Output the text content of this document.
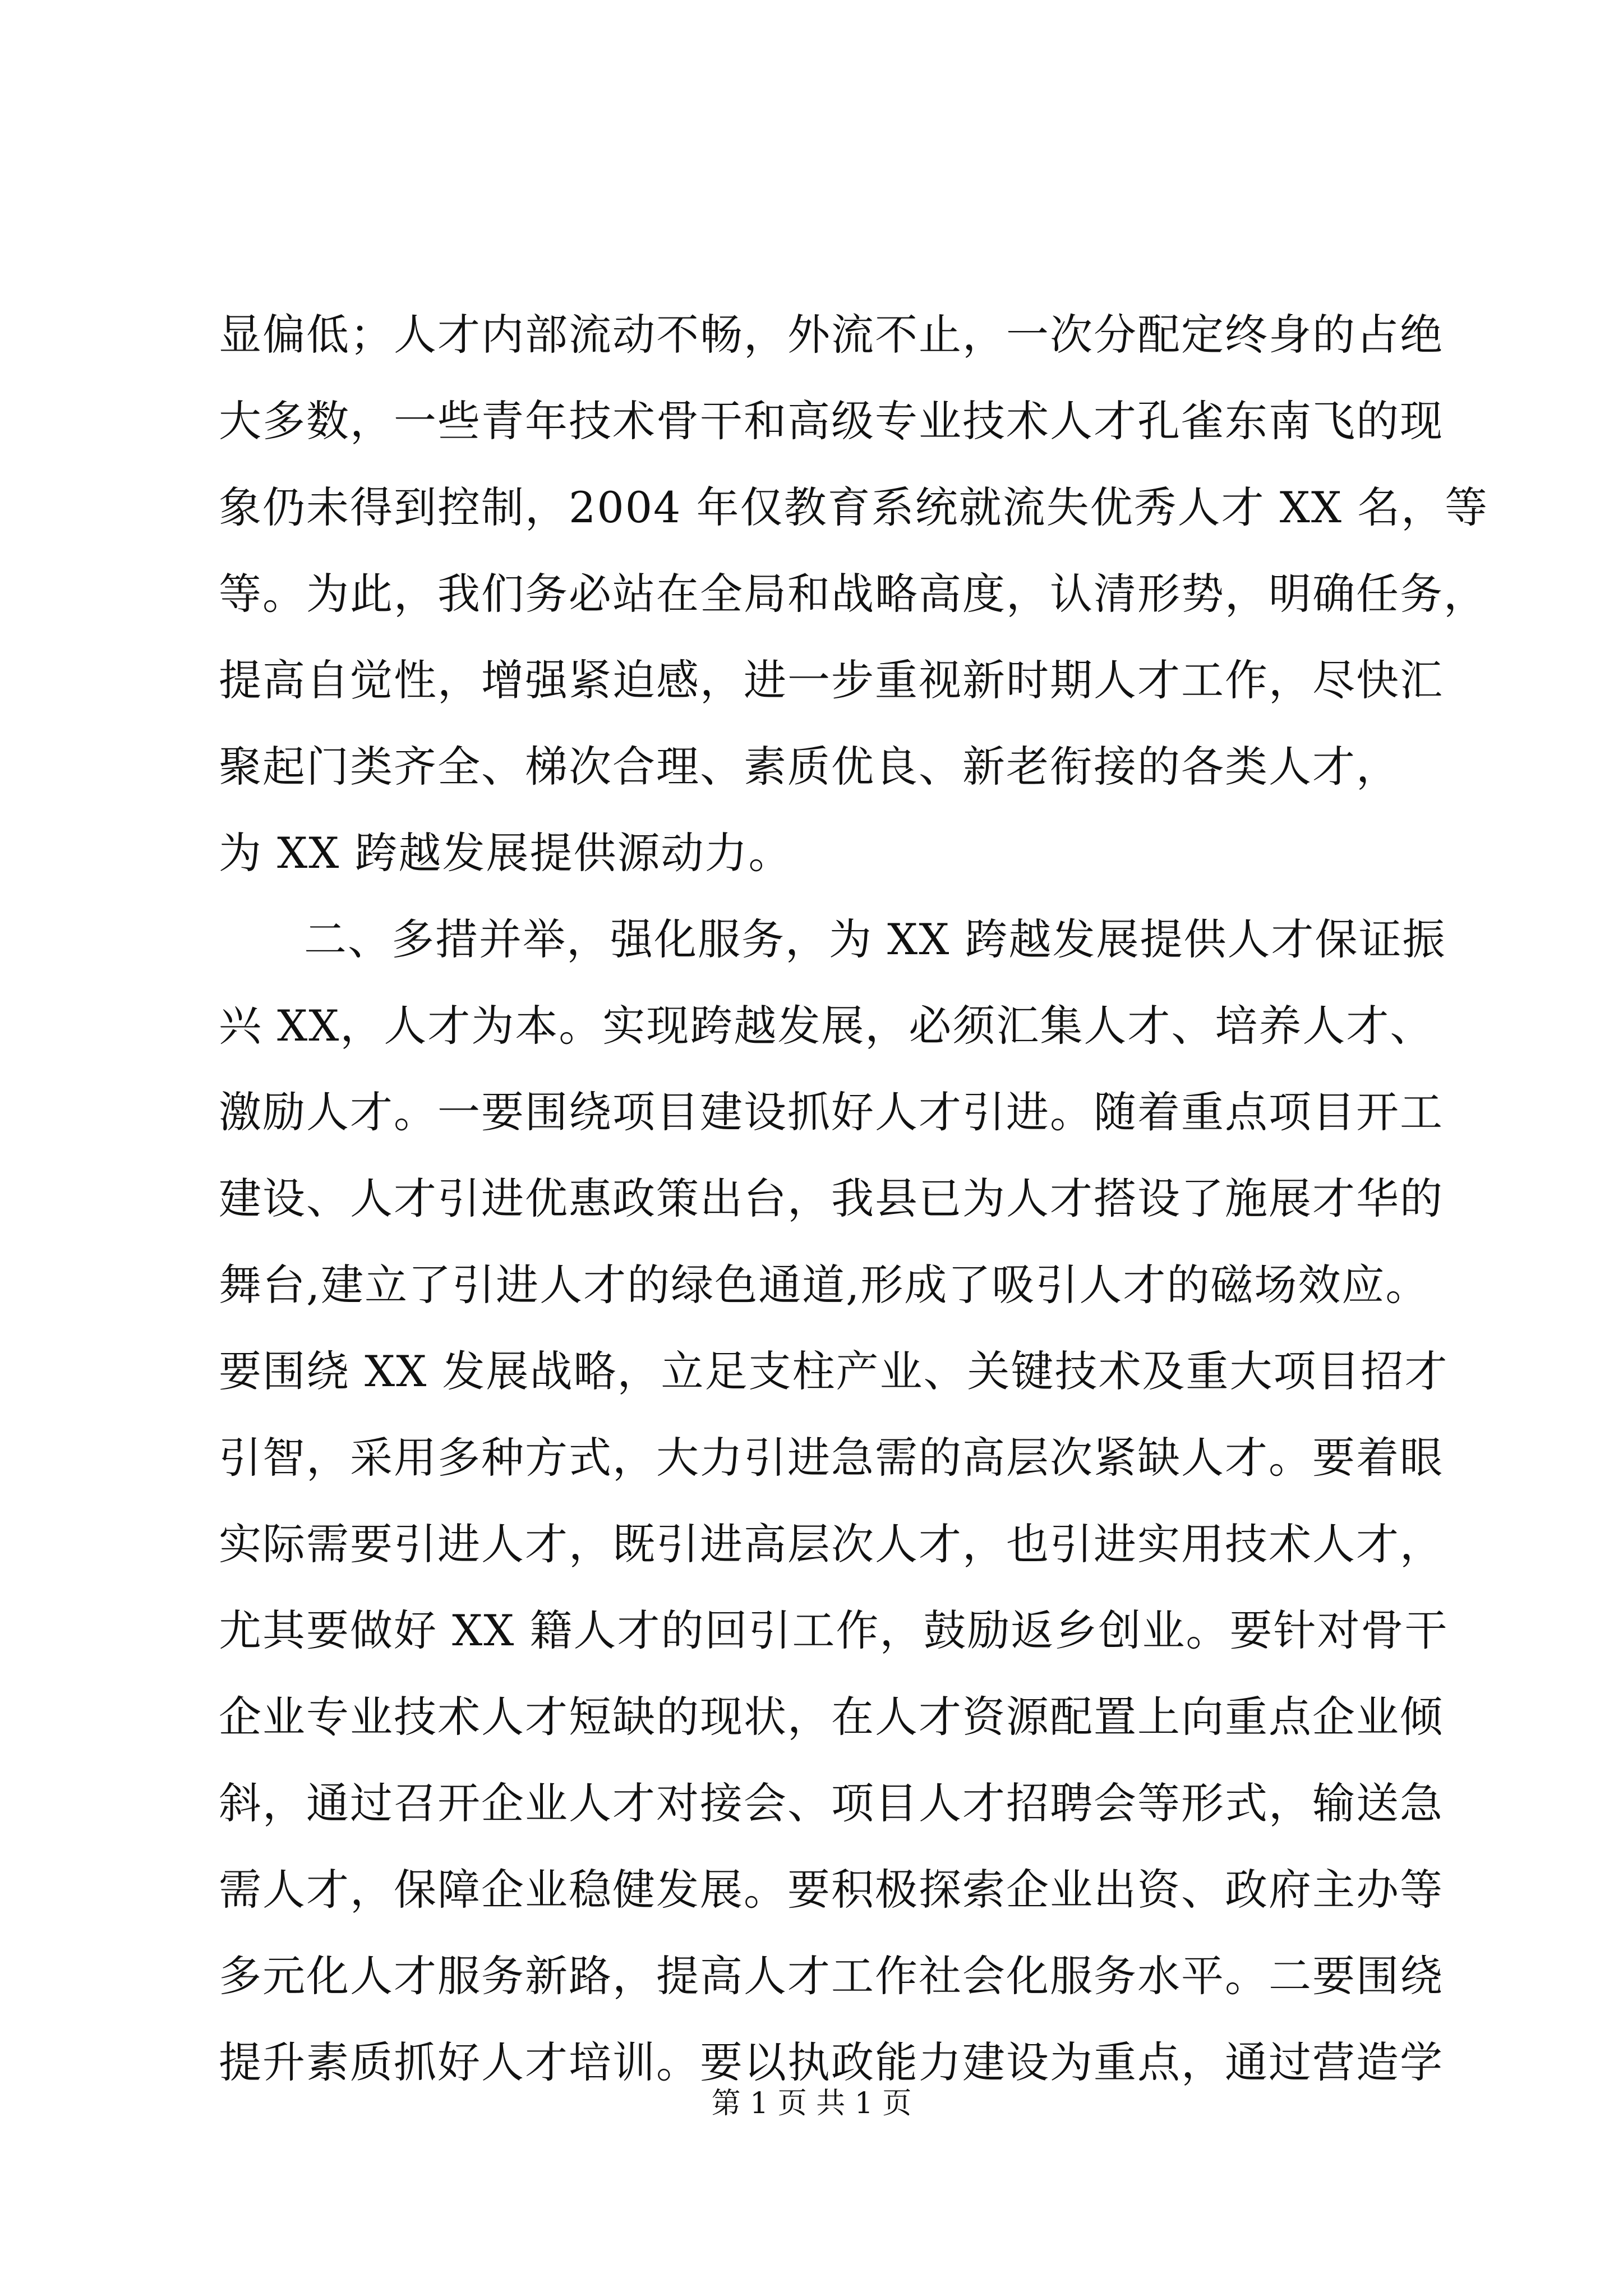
显偏低；人才内部流动不畅，外流不止，一次分配定终身的占绝
大多数，一些青年技术骨干和高级专业技术人才孔雀东南飞的现
象仍未得到控制，2004 年仅教育系统就流失优秀人才 XX 名，等
等。为此，我们务必站在全局和战略高度，认清形势，明确任务，
提高自觉性，增强紧迫感，进一步重视新时期人才工作，尽快汇
聚起门类齐全、梯次合理、素质优良、新老衔接的各类人才，
为 XX 跨越发展提供源动力。
二、多措并举，强化服务，为 XX 跨越发展提供人才保证振
兴 XX，人才为本。实现跨越发展，必须汇集人才、培养人才、
激励人才。一要围绕项目建设抓好人才引进。随着重点项目开工
建设、人才引进优惠政策出台，我县已为人才搭设了施展才华的
舞台,建立了引进人才的绿色通道,形成了吸引人才的磁场效应。
要围绕 XX 发展战略，立足支柱产业、关键技术及重大项目招才
引智，采用多种方式，大力引进急需的高层次紧缺人才。要着眼
实际需要引进人才，既引进高层次人才，也引进实用技术人才，
尤其要做好 XX 籍人才的回引工作，鼓励返乡创业。要针对骨干
企业专业技术人才短缺的现状，在人才资源配置上向重点企业倾
斜，通过召开企业人才对接会、项目人才招聘会等形式，输送急
需人才，保障企业稳健发展。要积极探索企业出资、政府主办等
多元化人才服务新路，提高人才工作社会化服务水平。二要围绕
提升素质抓好人才培训。要以执政能力建设为重点，通过营造学
第 1 页 共 1 页
